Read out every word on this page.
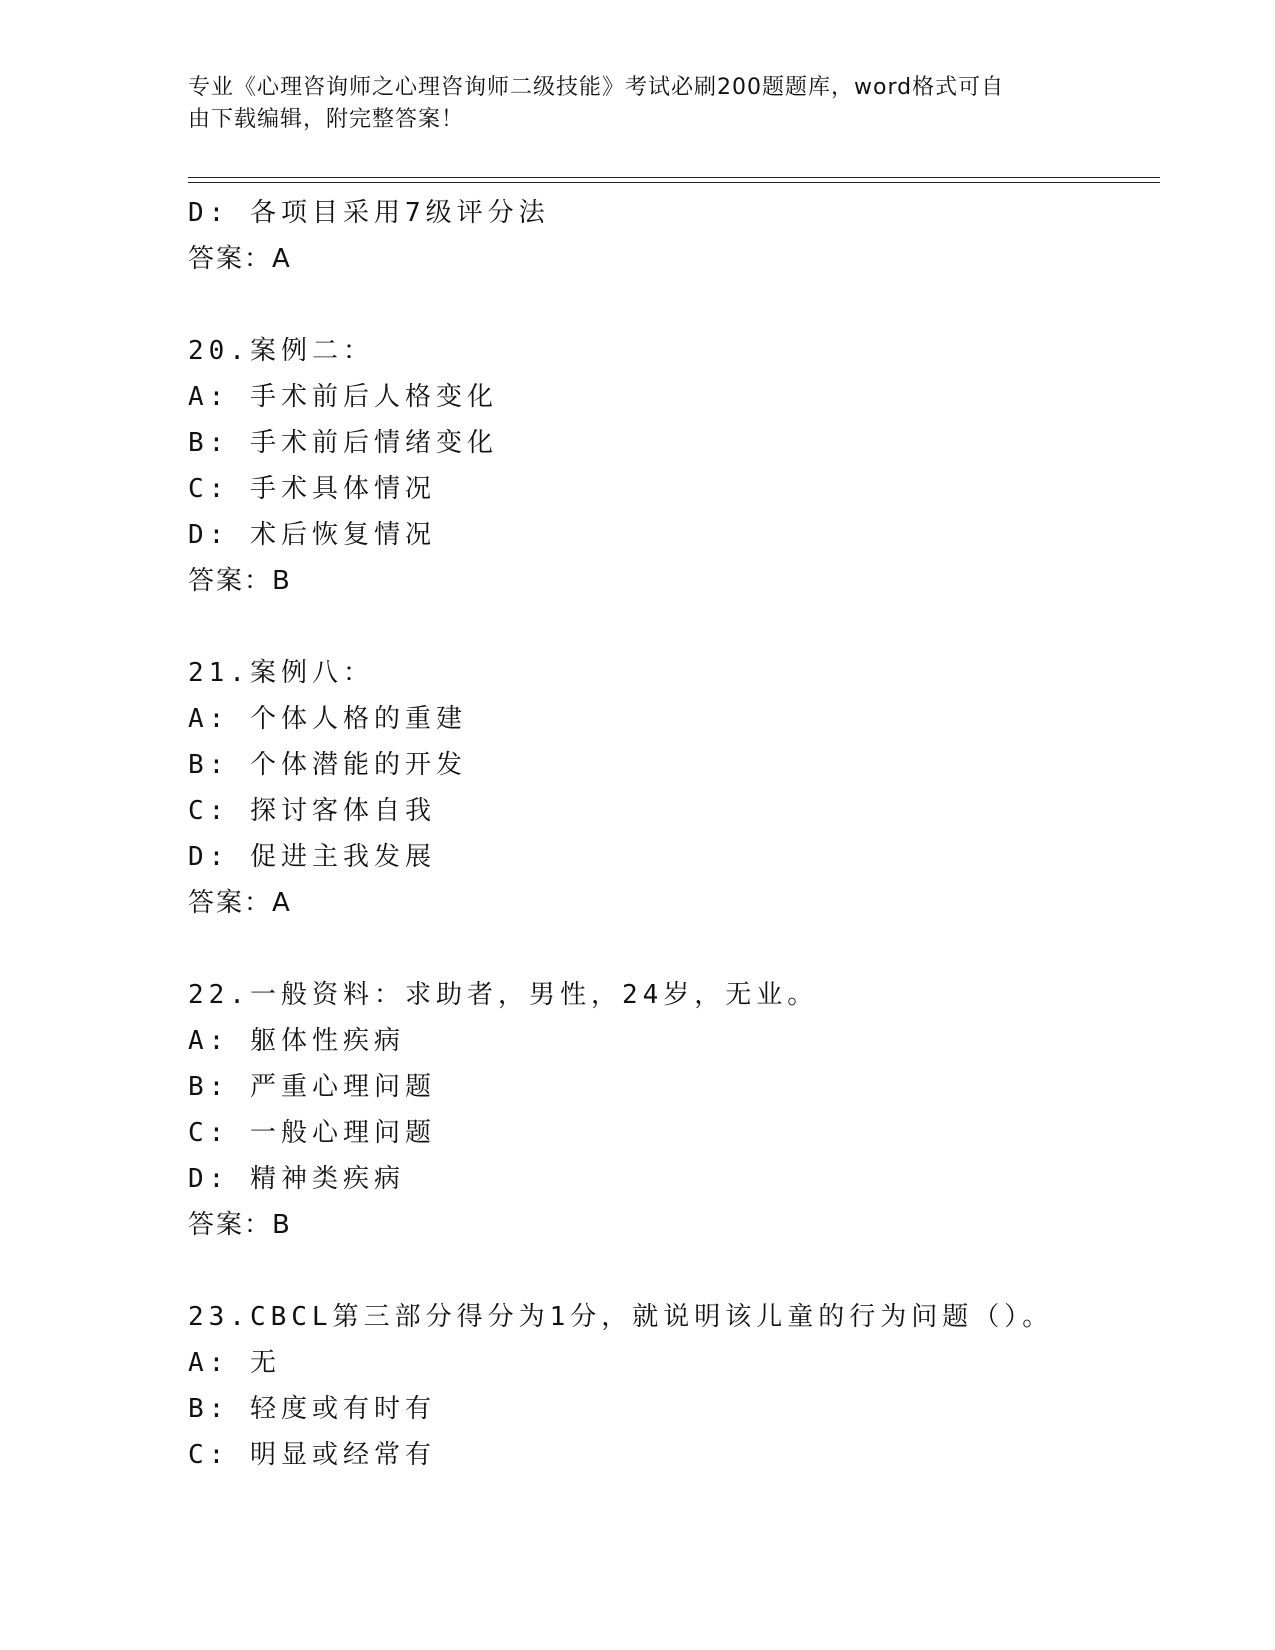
专业《心理咨询师之心理咨询师二级技能》考试必刷200题题库，word格式可自
由下载编辑，附完整答案！
D: 各项目采用7级评分法
答案：A
20.案例二：
A: 手术前后人格变化
B: 手术前后情绪变化
C: 手术具体情况
D: 术后恢复情况
答案：B
21.案例八：
A: 个体人格的重建
B: 个体潜能的开发
C: 探讨客体自我
D: 促进主我发展
答案：A
22.一般资料：求助者，男性，24岁，无业。
A: 躯体性疾病
B: 严重心理问题
C: 一般心理问题
D: 精神类疾病
答案：B
23.CBCL第三部分得分为1分，就说明该儿童的行为问题（）。
A: 无
B: 轻度或有时有
C: 明显或经常有
